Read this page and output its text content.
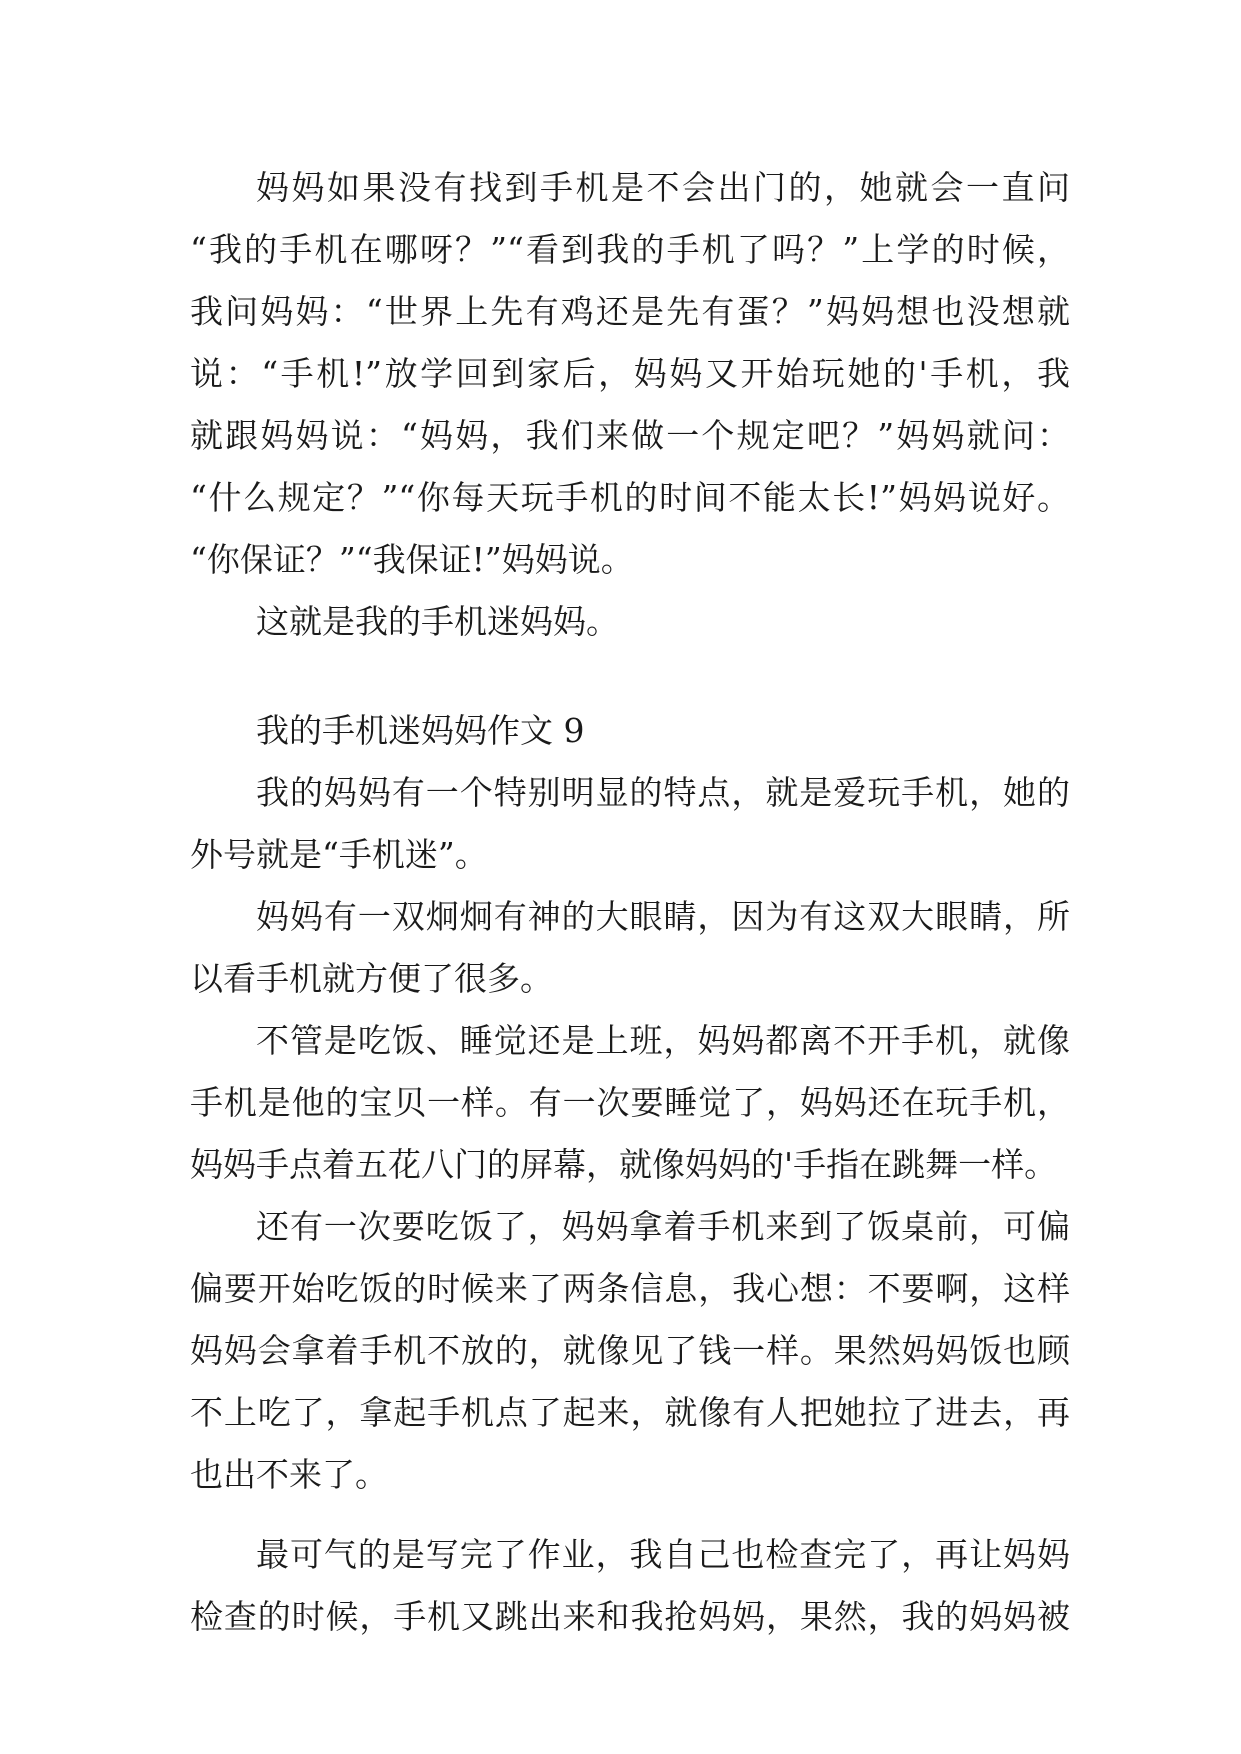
妈妈如果没有找到手机是不会出门的，她就会一直问
“我的手机在哪呀？”“看到我的手机了吗？”上学的时候，
我问妈妈：“世界上先有鸡还是先有蛋？”妈妈想也没想就
说：“手机!”放学回到家后，妈妈又开始玩她的'手机，我
就跟妈妈说：“妈妈，我们来做一个规定吧？”妈妈就问：
“什么规定？”“你每天玩手机的时间不能太长!”妈妈说好。
“你保证？”“我保证!”妈妈说。
这就是我的手机迷妈妈。
我的手机迷妈妈作文 9
我的妈妈有一个特别明显的特点，就是爱玩手机，她的
外号就是“手机迷”。
妈妈有一双炯炯有神的大眼睛，因为有这双大眼睛，所
以看手机就方便了很多。
不管是吃饭、睡觉还是上班，妈妈都离不开手机，就像
手机是他的宝贝一样。有一次要睡觉了，妈妈还在玩手机，
妈妈手点着五花八门的屏幕，就像妈妈的'手指在跳舞一样。
还有一次要吃饭了，妈妈拿着手机来到了饭桌前，可偏
偏要开始吃饭的时候来了两条信息，我心想：不要啊，这样
妈妈会拿着手机不放的，就像见了钱一样。果然妈妈饭也顾
不上吃了，拿起手机点了起来，就像有人把她拉了进去，再
也出不来了。
最可气的是写完了作业，我自己也检查完了，再让妈妈
检查的时候，手机又跳出来和我抢妈妈，果然，我的妈妈被
